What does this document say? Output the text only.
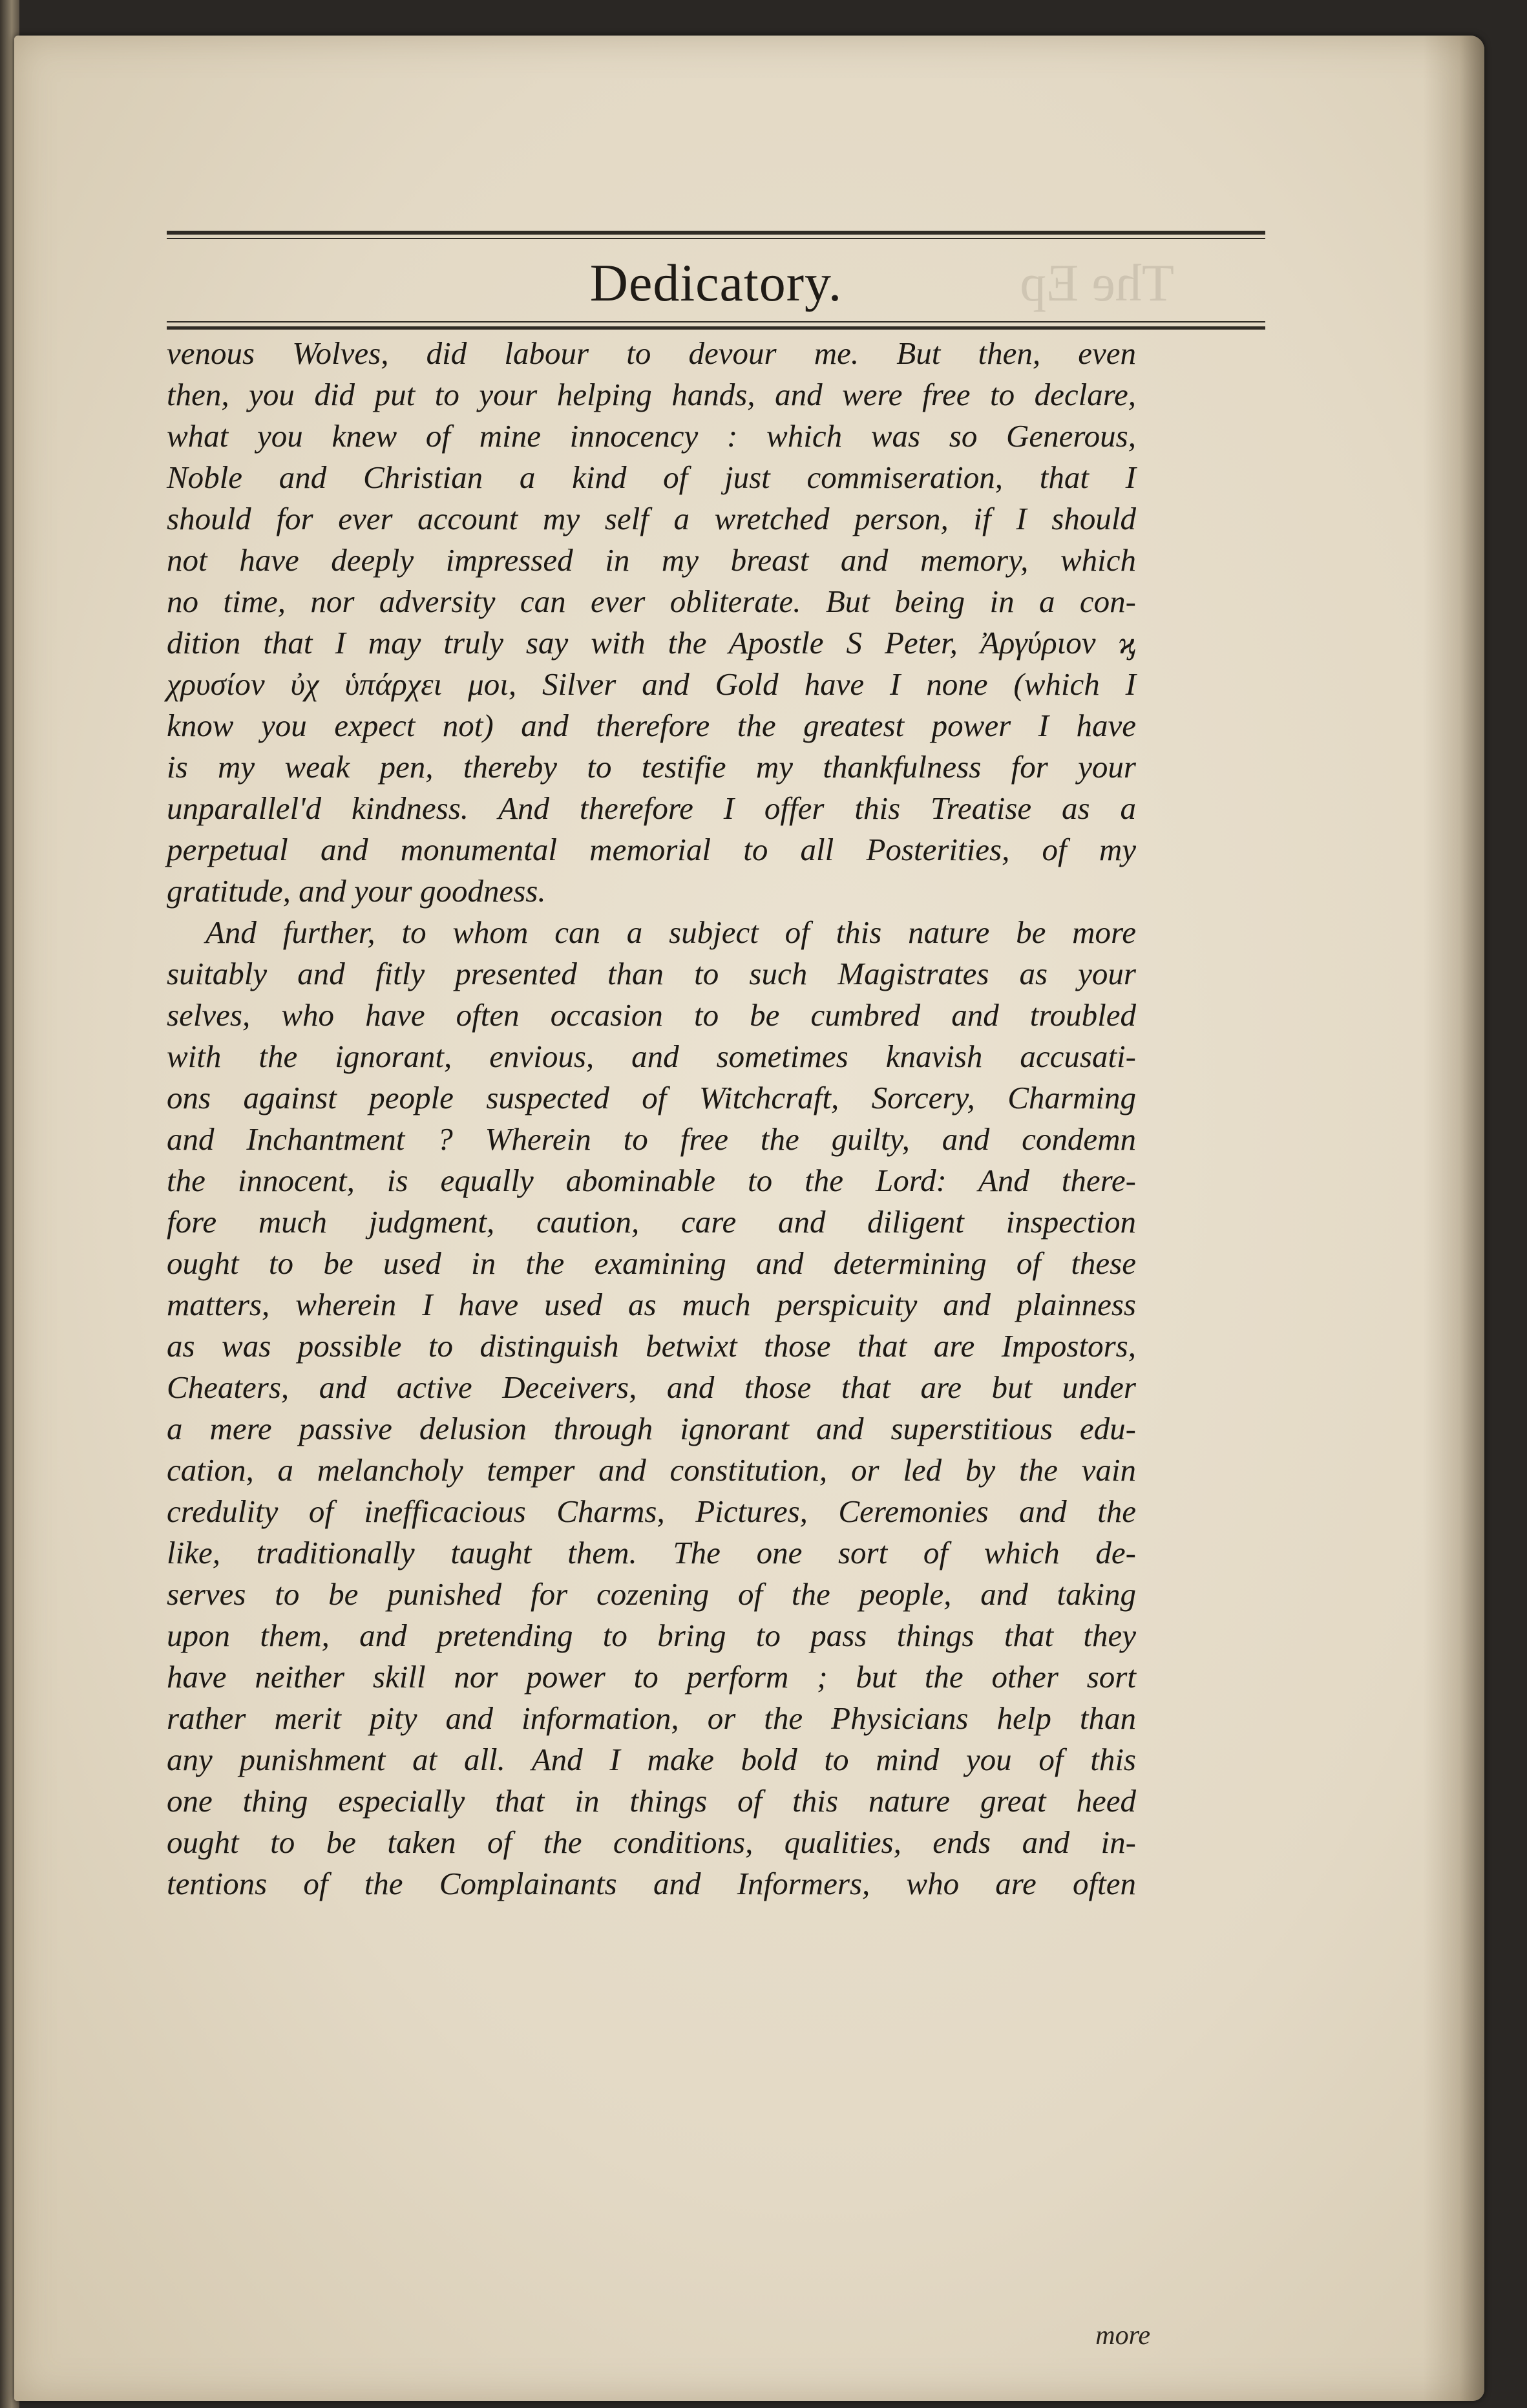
Dedicatory.	The Ep
venous Wolves, did labour to devour me. But then, even
then, you did put to your helping hands, and were free to declare,
what you knew of mine innocency : which was so Generous,
Noble and Christian a kind of just commiseration, that I
should for ever account my self a wretched person, if I should
not have deeply impressed in my breast and memory, which
no time, nor adversity can ever obliterate. But being in a con-
dition that I may truly say with the Apostle S Peter, Ἀργύριον ϗ
χρυσίον ὐχ ὑπάρχει μοι, Silver and Gold have I none (which I
know you expect not) and therefore the greatest power I have
is my weak pen, thereby to testifie my thankfulness for your
unparallel'd kindness. And therefore I offer this Treatise as a
perpetual and monumental memorial to all Posterities, of my
gratitude, and your goodness.
And further, to whom can a subject of this nature be more
suitably and fitly presented than to such Magistrates as your
selves, who have often occasion to be cumbred and troubled
with the ignorant, envious, and sometimes knavish accusati-
ons against people suspected of Witchcraft, Sorcery, Charming
and Inchantment ? Wherein to free the guilty, and condemn
the innocent, is equally abominable to the Lord: And there-
fore much judgment, caution, care and diligent inspection
ought to be used in the examining and determining of these
matters, wherein I have used as much perspicuity and plainness
as was possible to distinguish betwixt those that are Impostors,
Cheaters, and active Deceivers, and those that are but under
a mere passive delusion through ignorant and superstitious edu-
cation, a melancholy temper and constitution, or led by the vain
credulity of inefficacious Charms, Pictures, Ceremonies and the
like, traditionally taught them. The one sort of which de-
serves to be punished for cozening of the people, and taking
upon them, and pretending to bring to pass things that they
have neither skill nor power to perform ; but the other sort
rather merit pity and information, or the Physicians help than
any punishment at all. And I make bold to mind you of this
one thing especially that in things of this nature great heed
ought to be taken of the conditions, qualities, ends and in-
tentions of the Complainants and Informers, who are often
more
